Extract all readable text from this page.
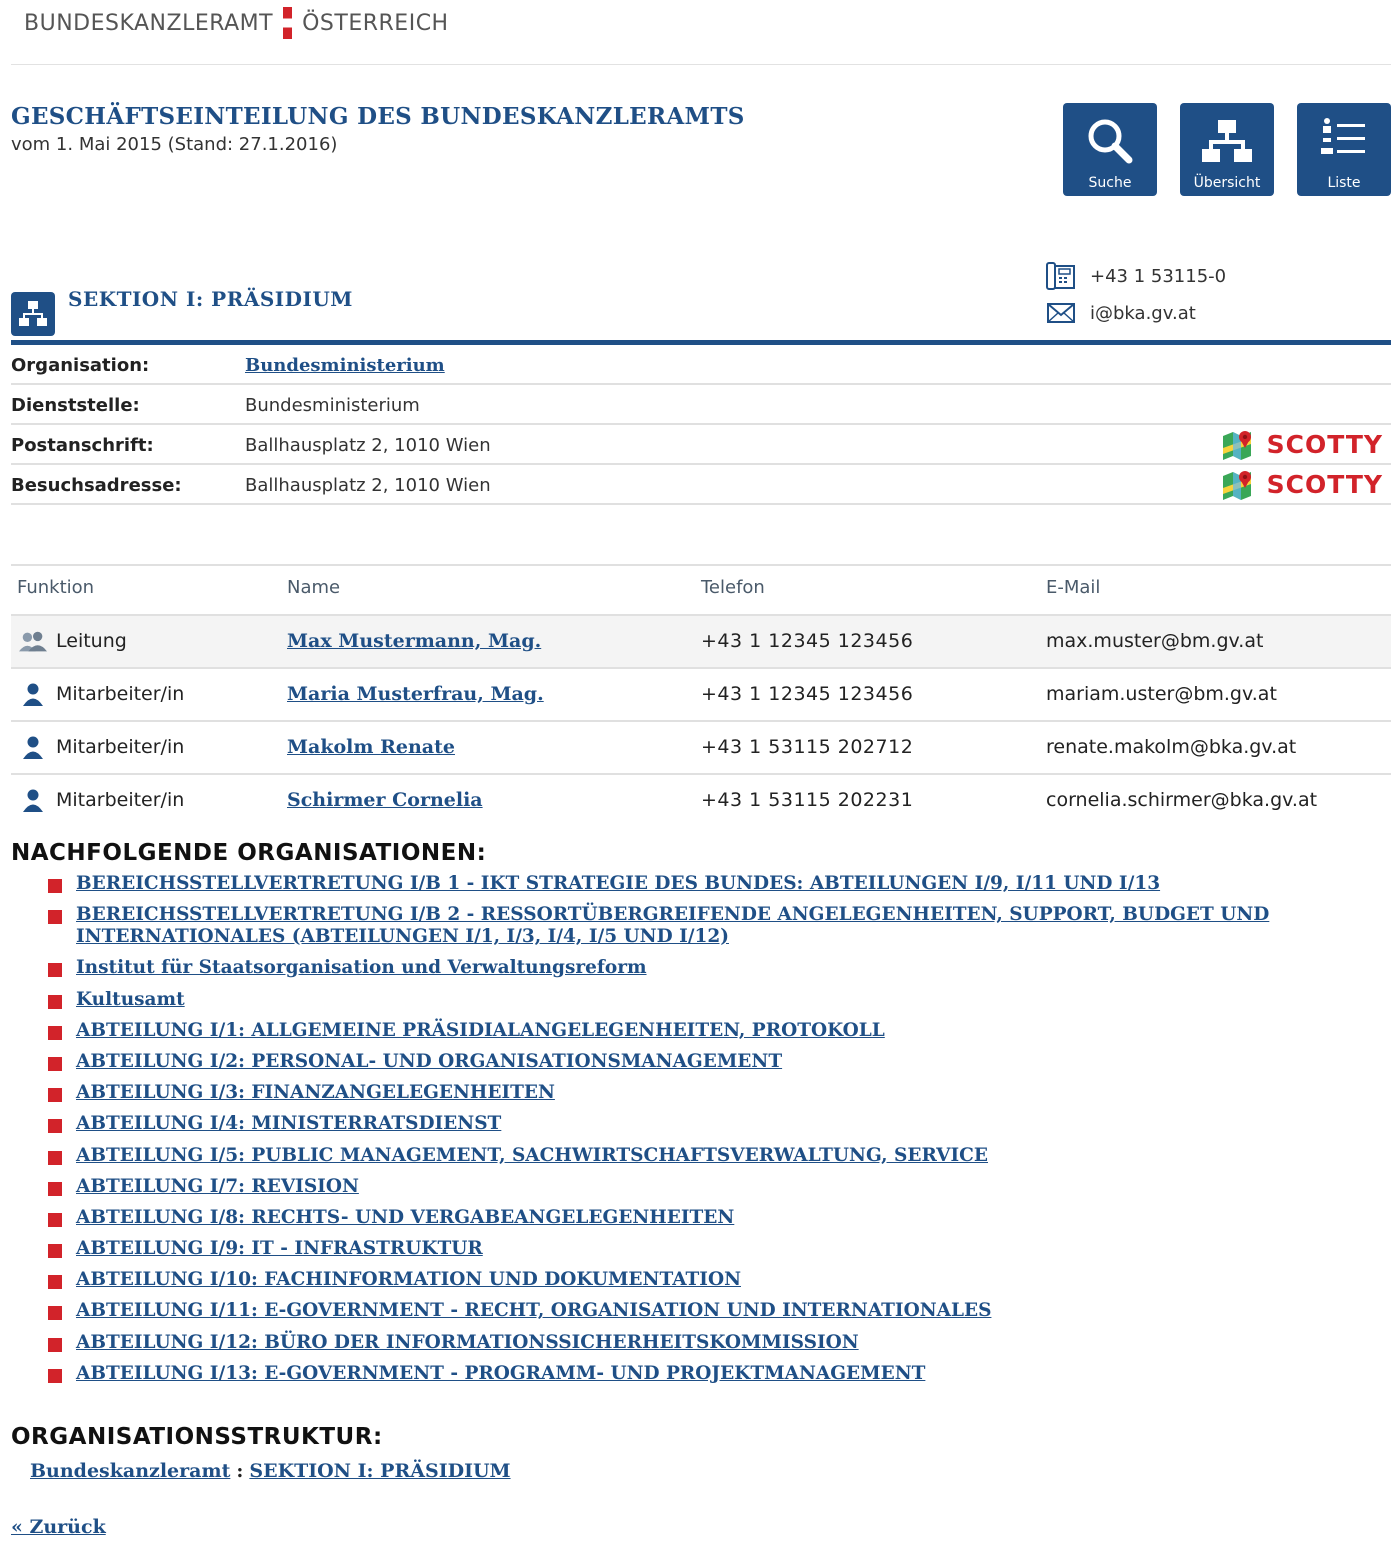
BUNDESKANZLERAMT ÖSTERREICH
GESCHÄFTSEINTEILUNG DES BUNDESKANZLERAMTS
vom 1. Mai 2015 (Stand: 27.1.2016)
Suche	Übersicht	Liste
SEKTION I: PRÄSIDIUM
+43 1 53115-0
i@bka.gv.at
Organisation:	Bundesministerium
Dienststelle:	Bundesministerium
Postanschrift:	Ballhausplatz 2, 1010 Wien	SCOTTY
Besuchsadresse:	Ballhausplatz 2, 1010 Wien	SCOTTY
Funktion	Name	Telefon	E-Mail
Leitung	Max Mustermann, Mag.	+43 1 12345 123456	max.muster@bm.gv.at
Mitarbeiter/in	Maria Musterfrau, Mag.	+43 1 12345 123456	mariam.uster@bm.gv.at
Mitarbeiter/in	Makolm Renate	+43 1 53115 202712	renate.makolm@bka.gv.at
Mitarbeiter/in	Schirmer Cornelia	+43 1 53115 202231	cornelia.schirmer@bka.gv.at
NACHFOLGENDE ORGANISATIONEN:
BEREICHSSTELLVERTRETUNG I/B 1 - IKT STRATEGIE DES BUNDES: ABTEILUNGEN I/9, I/11 UND I/13
BEREICHSSTELLVERTRETUNG I/B 2 - RESSORTÜBERGREIFENDE ANGELEGENHEITEN, SUPPORT, BUDGET UND INTERNATIONALES (ABTEILUNGEN I/1, I/3, I/4, I/5 UND I/12)
Institut für Staatsorganisation und Verwaltungsreform
Kultusamt
ABTEILUNG I/1: ALLGEMEINE PRÄSIDIALANGELEGENHEITEN, PROTOKOLL
ABTEILUNG I/2: PERSONAL- UND ORGANISATIONSMANAGEMENT
ABTEILUNG I/3: FINANZANGELEGENHEITEN
ABTEILUNG I/4: MINISTERRATSDIENST
ABTEILUNG I/5: PUBLIC MANAGEMENT, SACHWIRTSCHAFTSVERWALTUNG, SERVICE
ABTEILUNG I/7: REVISION
ABTEILUNG I/8: RECHTS- UND VERGABEANGELEGENHEITEN
ABTEILUNG I/9: IT - INFRASTRUKTUR
ABTEILUNG I/10: FACHINFORMATION UND DOKUMENTATION
ABTEILUNG I/11: E-GOVERNMENT - RECHT, ORGANISATION UND INTERNATIONALES
ABTEILUNG I/12: BÜRO DER INFORMATIONSSICHERHEITSKOMMISSION
ABTEILUNG I/13: E-GOVERNMENT - PROGRAMM- UND PROJEKTMANAGEMENT
ORGANISATIONSSTRUKTUR:
Bundeskanzleramt : SEKTION I: PRÄSIDIUM
« Zurück
